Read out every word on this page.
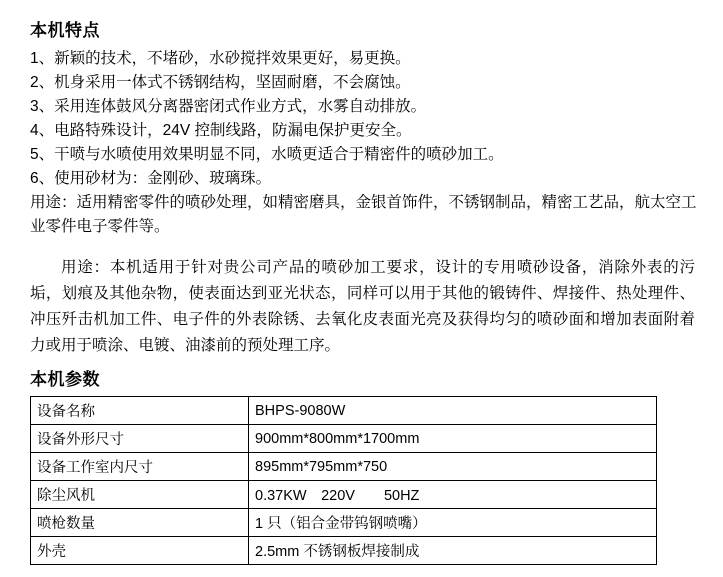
本机特点
1、新颖的技术，不堵砂，水砂搅拌效果更好，易更换。
2、机身采用一体式不锈钢结构，坚固耐磨，不会腐蚀。
3、采用连体鼓风分离器密闭式作业方式，水雾自动排放。
4、电路特殊设计，24V 控制线路，防漏电保护更安全。
5、干喷与水喷使用效果明显不同，水喷更适合于精密件的喷砂加工。
6、使用砂材为：金刚砂、玻璃珠。

用途：适用精密零件的喷砂处理，如精密磨具，金银首饰件，不锈钢制品，精密工艺品，航太空工业零件电子零件等。

用途：本机适用于针对贵公司产品的喷砂加工要求，设计的专用喷砂设备，消除外表的污垢，划痕及其他杂物，使表面达到亚光状态，同样可以用于其他的锻铸件、焊接件、热处理件、冲压歼击机加工件、电子件的外表除锈、去氧化皮表面光亮及获得均匀的喷砂面和增加表面附着力或用于喷涂、电镀、油漆前的预处理工序。

本机参数
设备名称	BHPS-9080W
设备外形尺寸	900mm*800mm*1700mm
设备工作室内尺寸	895mm*795mm*750
除尘风机	0.37KW　220V　　50HZ
喷枪数量	1 只（铝合金带钨钢喷嘴）
外壳	2.5mm 不锈钢板焊接制成
